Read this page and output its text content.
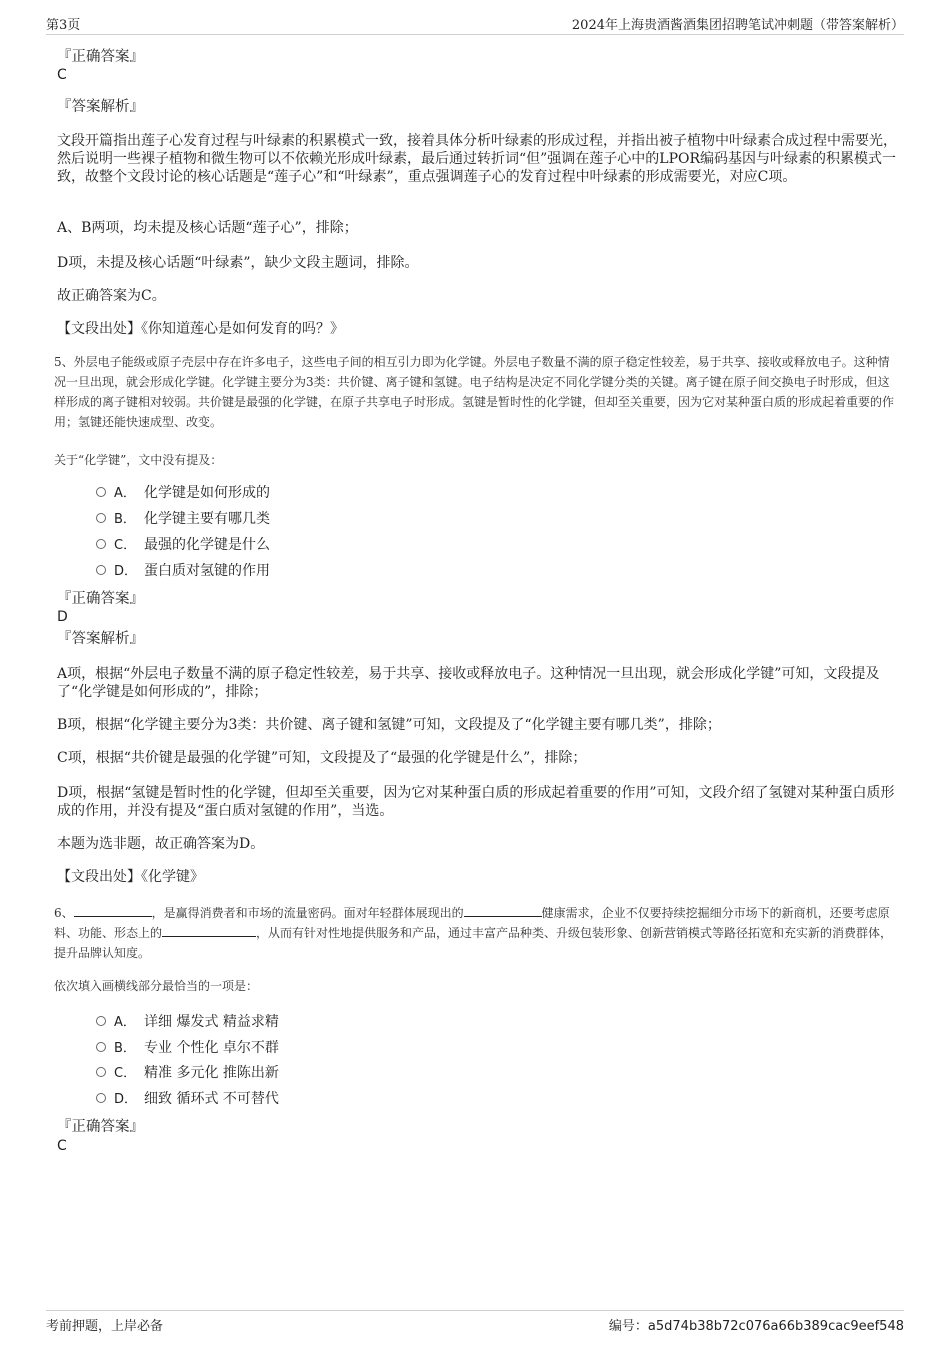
第3页	2024年上海贵酒酱酒集团招聘笔试冲刺题（带答案解析）
『正确答案』
C
『答案解析』
文段开篇指出莲子心发育过程与叶绿素的积累模式一致，接着具体分析叶绿素的形成过程，并指出被子植物中叶绿素合成过程中需要光，然后说明一些裸子植物和微生物可以不依赖光形成叶绿素，最后通过转折词“但”强调在莲子心中的LPOR编码基因与叶绿素的积累模式一致，故整个文段讨论的核心话题是“莲子心”和“叶绿素”，重点强调莲子心的发育过程中叶绿素的形成需要光，对应C项。
A、B两项，均未提及核心话题“莲子心”，排除；
D项，未提及核心话题“叶绿素”，缺少文段主题词，排除。
故正确答案为C。
【文段出处】《你知道莲心是如何发育的吗？》
5、外层电子能级或原子壳层中存在许多电子，这些电子间的相互引力即为化学键。外层电子数量不满的原子稳定性较差，易于共享、接收或释放电子。这种情况一旦出现，就会形成化学键。化学键主要分为3类：共价键、离子键和氢键。电子结构是决定不同化学键分类的关键。离子键在原子间交换电子时形成，但这样形成的离子键相对较弱。共价键是最强的化学键，在原子共享电子时形成。氢键是暂时性的化学键，但却至关重要，因为它对某种蛋白质的形成起着重要的作用；氢键还能快速成型、改变。
关于“化学键”，文中没有提及：
A． 化学键是如何形成的
B． 化学键主要有哪几类
C． 最强的化学键是什么
D． 蛋白质对氢键的作用
『正确答案』
D
『答案解析』
A项，根据“外层电子数量不满的原子稳定性较差，易于共享、接收或释放电子。这种情况一旦出现，就会形成化学键”可知，文段提及了“化学键是如何形成的”，排除；
B项，根据“化学键主要分为3类：共价键、离子键和氢键”可知，文段提及了“化学键主要有哪几类”，排除；
C项，根据“共价键是最强的化学键”可知，文段提及了“最强的化学键是什么”，排除；
D项，根据“氢键是暂时性的化学键，但却至关重要，因为它对某种蛋白质的形成起着重要的作用”可知，文段介绍了氢键对某种蛋白质形成的作用，并没有提及“蛋白质对氢键的作用”，当选。
本题为选非题，故正确答案为D。
【文段出处】《化学键》
6、	，是赢得消费者和市场的流量密码。面对年轻群体展现出的	健康需求，企业不仅要持续挖掘细分市场下的新商机，还要考虑原料、功能、形态上的	，从而有针对性地提供服务和产品，通过丰富产品种类、升级包装形象、创新营销模式等路径拓宽和充实新的消费群体，提升品牌认知度。
依次填入画横线部分最恰当的一项是：
A． 详细 爆发式 精益求精
B． 专业 个性化 卓尔不群
C． 精准 多元化 推陈出新
D． 细致 循环式 不可替代
『正确答案』
C
考前押题，上岸必备	编号：a5d74b38b72c076a66b389cac9eef548
